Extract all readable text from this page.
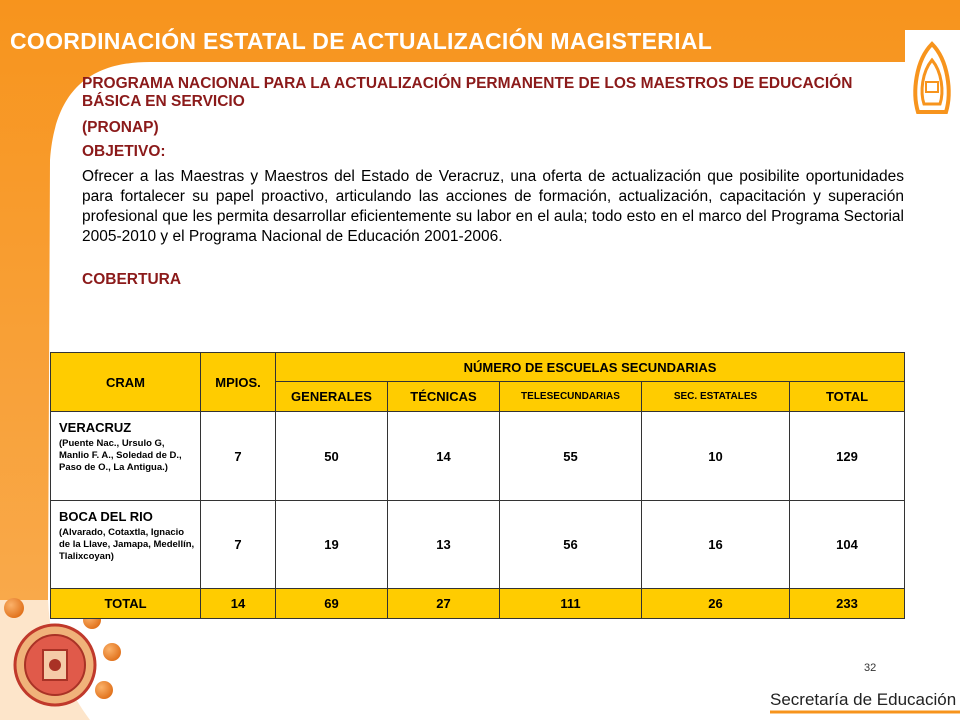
COORDINACIÓN ESTATAL DE ACTUALIZACIÓN MAGISTERIAL
PROGRAMA NACIONAL PARA LA ACTUALIZACIÓN PERMANENTE DE LOS MAESTROS DE EDUCACIÓN BÁSICA EN SERVICIO
(PRONAP)
OBJETIVO:
Ofrecer a las Maestras y Maestros del Estado de Veracruz, una oferta de actualización que posibilite oportunidades para fortalecer su papel proactivo, articulando las acciones de formación, actualización, capacitación y superación profesional que les permita desarrollar eficientemente su labor en el aula; todo esto en el marco del Programa Sectorial 2005-2010 y el Programa Nacional de Educación 2001-2006.
COBERTURA
CRAM	MPIOS.	NÚMERO DE ESCUELAS SECUNDARIAS				
		GENERALES	TÉCNICAS	TELESECUNDARIAS	SEC. ESTATALES	TOTAL

VERACRUZ
(Puente Nac., Ursulo G, Manlio F. A., Soledad de D., Paso de O., La Antigua.)	7	50	14	55	10	129

BOCA DEL RIO
(Alvarado, Cotaxtla, Ignacio de la Llave, Jamapa, Medellín, Tlalixcoyan)	7	19	13	56	16	104
TOTAL	14	69	27	111	26	233
32
Secretaría de Educación
